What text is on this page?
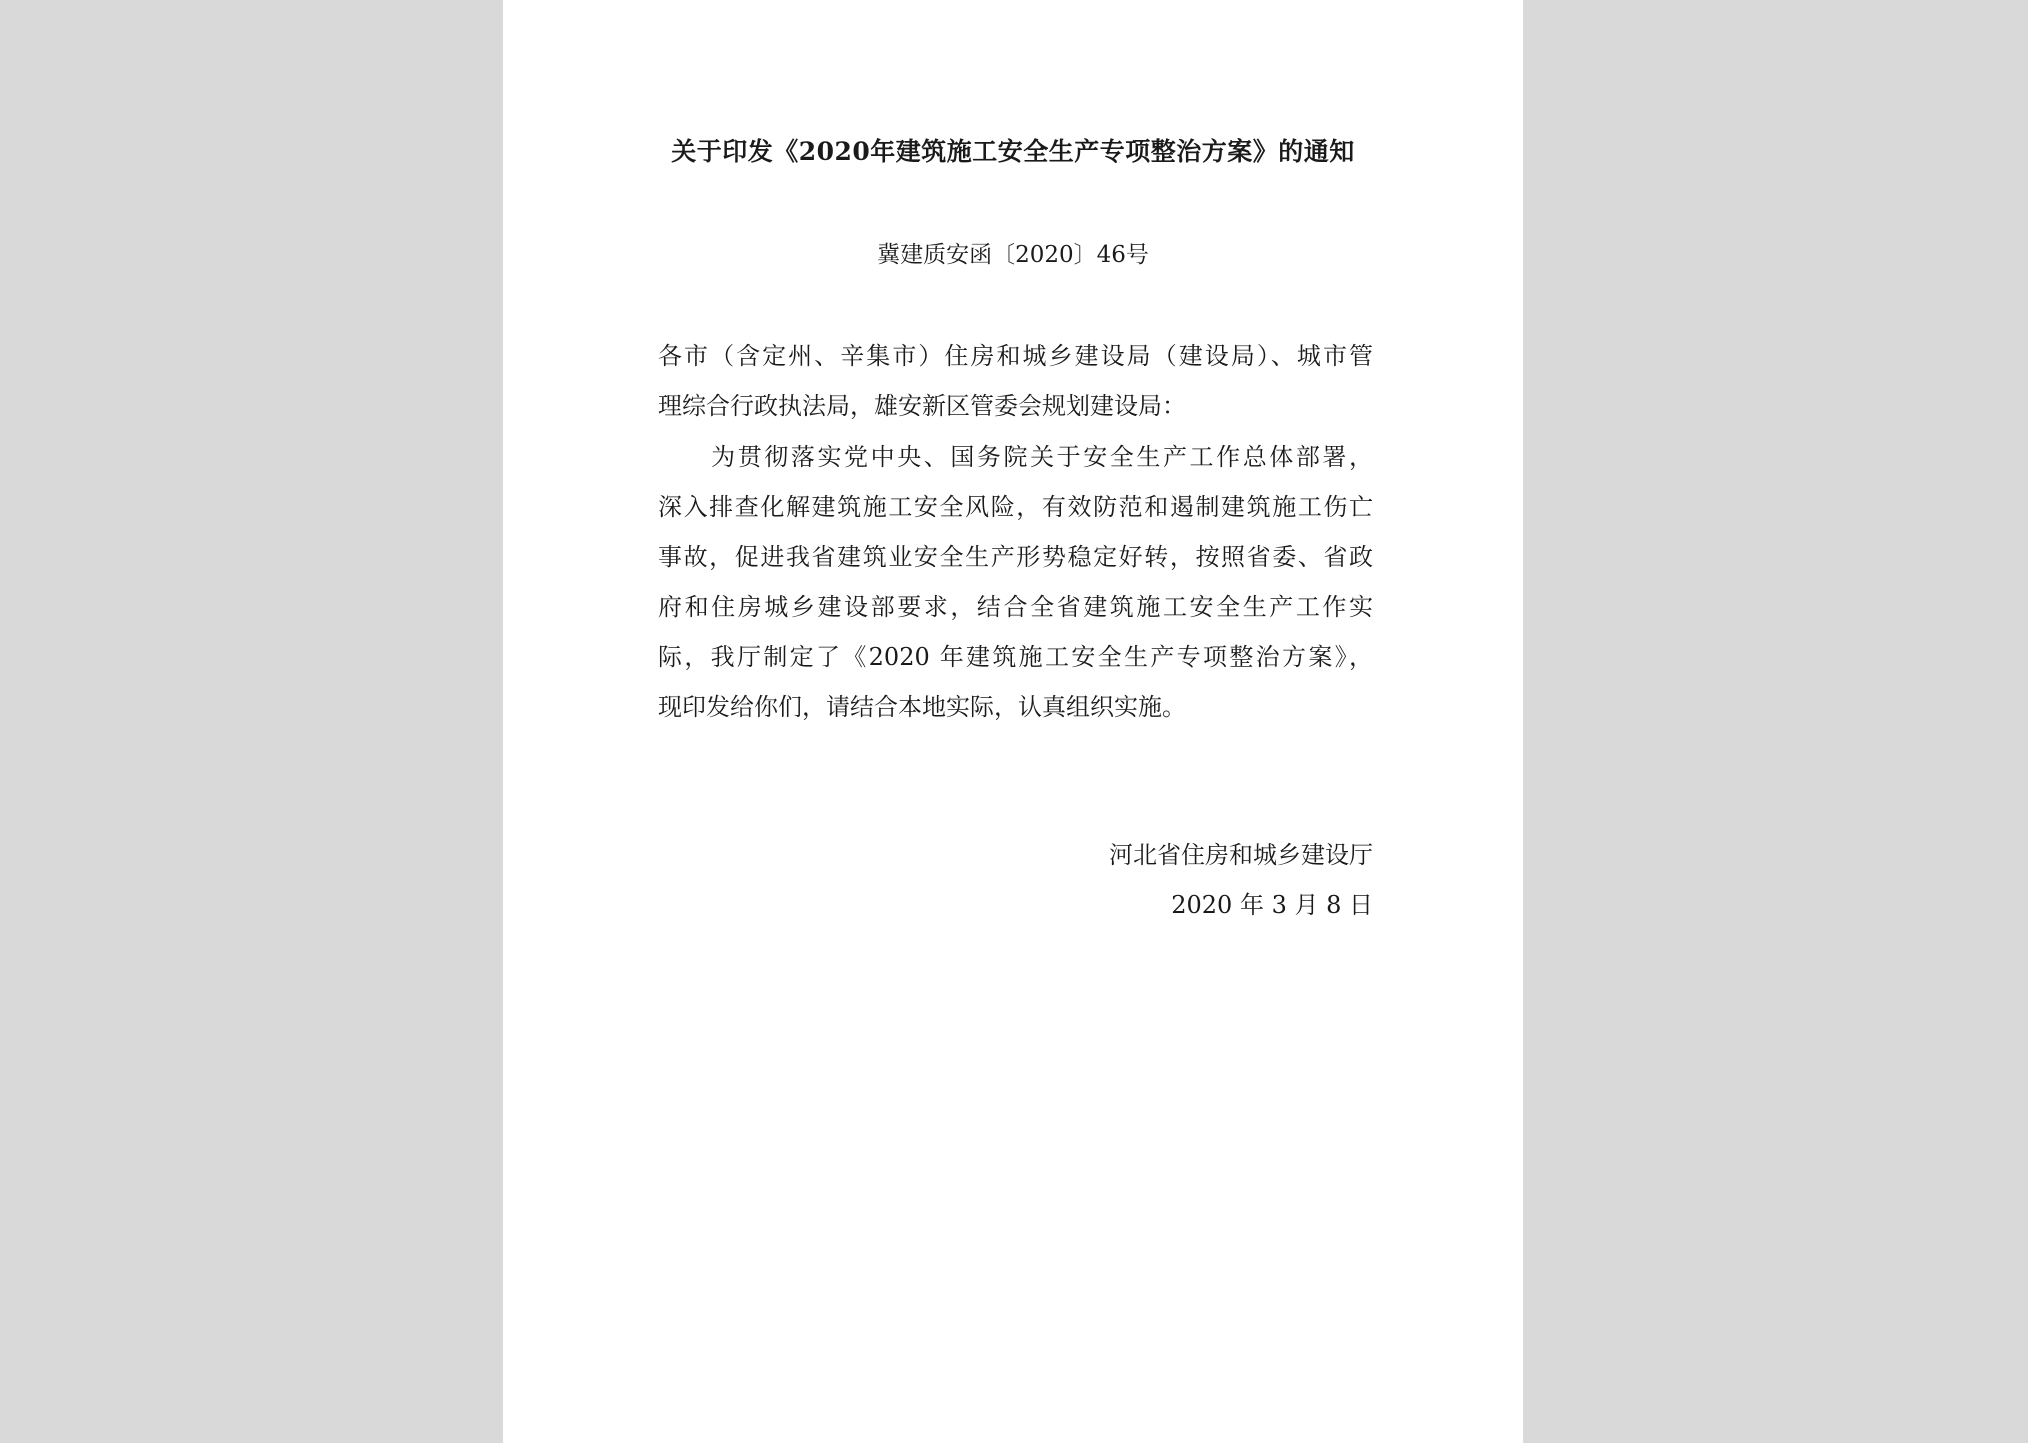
关于印发《2020年建筑施工安全生产专项整治方案》的通知
冀建质安函〔2020〕46号
各市（含定州、辛集市）住房和城乡建设局（建设局）、城市管
理综合行政执法局，雄安新区管委会规划建设局：
　　为贯彻落实党中央、国务院关于安全生产工作总体部署，
深入排查化解建筑施工安全风险，有效防范和遏制建筑施工伤亡
事故，促进我省建筑业安全生产形势稳定好转，按照省委、省政
府和住房城乡建设部要求，结合全省建筑施工安全生产工作实
际，我厅制定了《2020 年建筑施工安全生产专项整治方案》，
现印发给你们，请结合本地实际，认真组织实施。
河北省住房和城乡建设厅
2020 年 3 月 8 日
